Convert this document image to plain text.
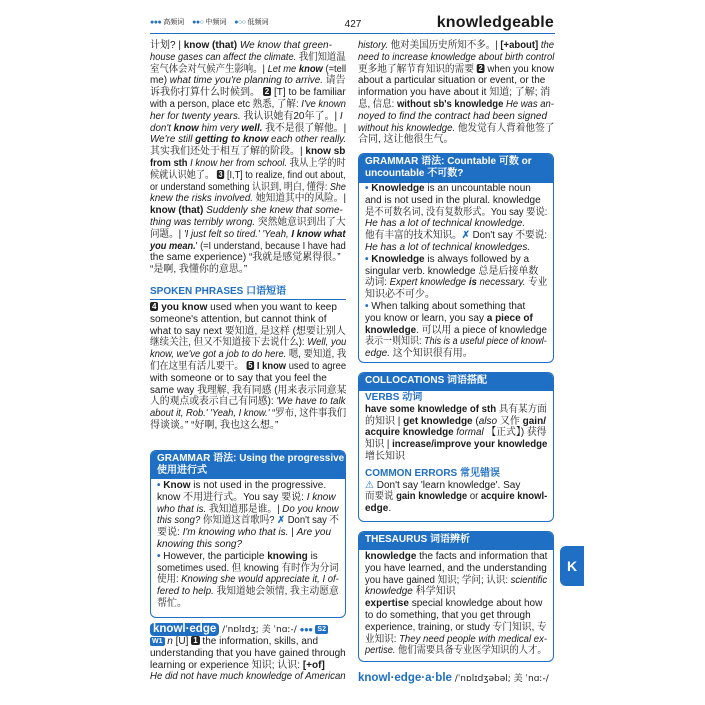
●●● 高频词 ●●○ 中频词 ●○○ 低频词	427	knowledgeable
计划? | know (that) We know that green-
house gases can affect the climate. 我们知道温
室气体会对气候产生影响。| Let me know (=tell
me) what time you're planning to arrive. 请告
诉我你打算什么时候到。 2 [T] to be familiar
with a person, place etc 熟悉, 了解: I've known
her for twenty years. 我认识她有20年了。| I
don't know him very well. 我不是很了解他。|
We're still getting to know each other really.
其实我们还处于相互了解的阶段。| know sb
from sth I know her from school. 我从上学的时
候就认识她了。 3 [I,T] to realize, find out about,
or understand something 认识到, 明白, 懂得: She
knew the risks involved. 她知道其中的风险。|
know (that) Suddenly she knew that some-
thing was terribly wrong. 突然她意识到出了大
问题。| 'I just felt so tired.' 'Yeah, I know what
you mean.' (=I understand, because I have had
the same experience) “我就是感觉累得很。”
“是啊, 我懂你的意思。”
SPOKEN PHRASES 口语短语
4 you know used when you want to keep
someone's attention, but cannot think of
what to say next 要知道, 是这样 (想要让别人
继续关注, 但又不知道接下去说什么): Well, you
know, we've got a job to do here. 嗯, 要知道, 我
们在这里有活儿要干。 5 I know used to agree
with someone or to say that you feel the
same way 我理解, 我有同感 (用来表示同意某
人的观点或表示自己有同感): 'We have to talk
about it, Rob.' 'Yeah, I know.' “罗布, 这件事我们
得谈谈。” “好啊, 我也这么想。”
GRAMMAR 语法: Using the progressive
使用进行式
• Know is not used in the progressive.
know 不用进行式。You say 要说: I know
who that is. 我知道那是谁。| Do you know
this song? 你知道这首歌吗? ✗ Don't say 不
要说: I'm knowing who that is. | Are you
knowing this song?
• However, the participle knowing is
sometimes used. 但 knowing 有时作为分词
使用: Knowing she would appreciate it, I of-
fered to help. 我知道她会领情, 我主动愿意
帮忙。
knowl·edge /ˈnɒlɪdʒ; 美 ˈnɑː-/ ●●● S2
W1 n [U] 1 the information, skills, and
understanding that you have gained through
learning or experience 知识; 认识: [+of]
He did not have much knowledge of American
history. 他对美国历史所知不多。| [+about] the
need to increase knowledge about birth control
更多地了解节育知识的需要 2 when you know
about a particular situation or event, or the
information you have about it 知道; 了解; 消
息, 信息: without sb's knowledge He was an-
noyed to find the contract had been signed
without his knowledge. 他发觉有人背着他签了
合同, 这让他很生气。
GRAMMAR 语法: Countable 可数 or
uncountable 不可数?
• Knowledge is an uncountable noun
and is not used in the plural. knowledge
是不可数名词, 没有复数形式。You say 要说:
He has a lot of technical knowledge.
他有丰富的技术知识。✗ Don't say 不要说:
He has a lot of technical knowledges.
• Knowledge is always followed by a
singular verb. knowledge 总是后接单数
动词: Expert knowledge is necessary. 专业
知识必不可少。
• When talking about something that
you know or learn, you say a piece of
knowledge. 可以用 a piece of knowledge
表示一则知识: This is a useful piece of knowl-
edge. 这个知识很有用。
COLLOCATIONS 词语搭配
VERBS 动词
have some knowledge of sth 具有某方面
的知识 | get knowledge (also 又作 gain/
acquire knowledge formal 【正式】) 获得
知识 | increase/improve your knowledge
增长知识
COMMON ERRORS 常见错误
⚠ Don't say 'learn knowledge'. Say
而要说 gain knowledge or acquire knowl-
edge.
THESAURUS 词语辨析
knowledge the facts and information that
you have learned, and the understanding
you have gained 知识; 学问; 认识: scientific
knowledge 科学知识
expertise special knowledge about how
to do something, that you get through
experience, training, or study 专门知识, 专
业知识: They need people with medical ex-
pertise. 他们需要具备专业医学知识的人才。
knowl·edge·a·ble /ˈnɒlɪdʒəbəl; 美 ˈnɑː-/
K
